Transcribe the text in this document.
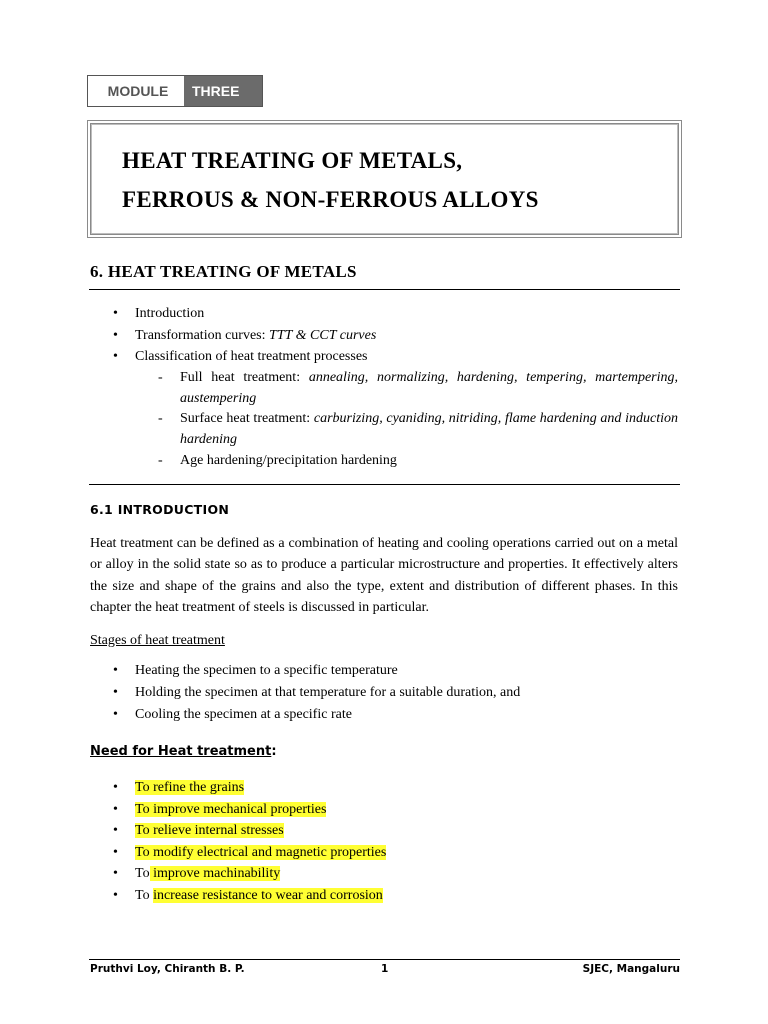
MODULE	THREE
HEAT TREATING OF METALS,
FERROUS & NON-FERROUS ALLOYS
6. HEAT TREATING OF METALS
• Introduction
• Transformation curves: TTT & CCT curves
• Classification of heat treatment processes
- Full heat treatment: annealing, normalizing, hardening, tempering, martempering, austempering
- Surface heat treatment: carburizing, cyaniding, nitriding, flame hardening and induction hardening
- Age hardening/precipitation hardening
6.1 INTRODUCTION
Heat treatment can be defined as a combination of heating and cooling operations carried out on a metal or alloy in the solid state so as to produce a particular microstructure and properties. It effectively alters the size and shape of the grains and also the type, extent and distribution of different phases. In this chapter the heat treatment of steels is discussed in particular.
Stages of heat treatment
• Heating the specimen to a specific temperature
• Holding the specimen at that temperature for a suitable duration, and
• Cooling the specimen at a specific rate
Need for Heat treatment:
• To refine the grains
• To improve mechanical properties
• To relieve internal stresses
• To modify electrical and magnetic properties
• To improve machinability
• To increase resistance to wear and corrosion
Pruthvi Loy, Chiranth B. P.	1	SJEC, Mangaluru
